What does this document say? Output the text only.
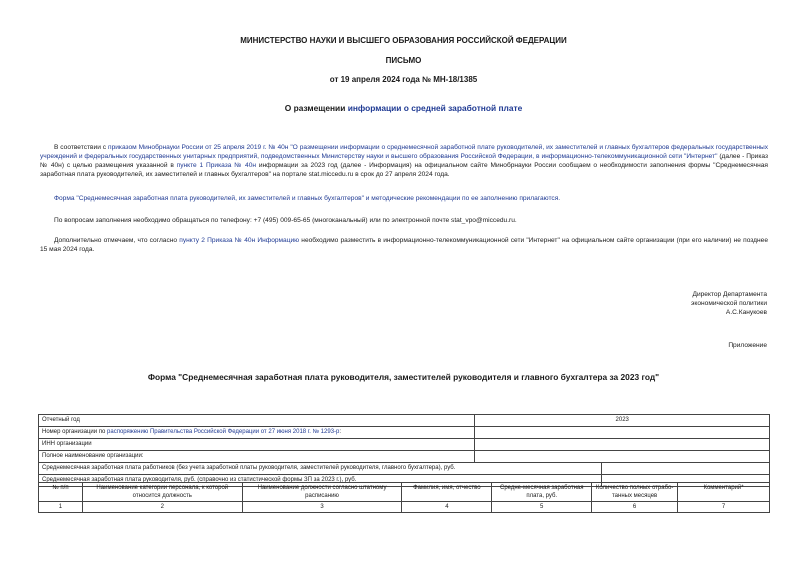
МИНИСТЕРСТВО НАУКИ И ВЫСШЕГО ОБРАЗОВАНИЯ РОССИЙСКОЙ ФЕДЕРАЦИИ
ПИСЬМО
от 19 апреля 2024 года № МН-18/1385
О размещении информации о средней заработной плате
В соответствии с приказом Минобрнауки России от 25 апреля 2019 г. № 40н "О размещении информации о среднемесячной заработной плате руководителей, их заместителей и главных бухгалтеров федеральных государственных учреждений и федеральных государственных унитарных предприятий, подведомственных Министерству науки и высшего образования Российской Федерации, в информационно-телекоммуникационной сети "Интернет" (далее - Приказ № 40н) с целью размещения указанной в пункте 1 Приказа № 40н информации за 2023 год (далее - Информация) на официальном сайте Минобрнауки России сообщаем о необходимости заполнения формы "Среднемесячная заработная плата руководителей, их заместителей и главных бухгалтеров" на портале stat.miccedu.ru в срок до 27 апреля 2024 года.
Форма "Среднемесячная заработная плата руководителей, их заместителей и главных бухгалтеров" и методические рекомендации по ее заполнению прилагаются.
По вопросам заполнения необходимо обращаться по телефону: +7 (495) 009-65-65 (многоканальный) или по электронной почте stat_vpo@miccedu.ru.
Дополнительно отмечаем, что согласно пункту 2 Приказа № 40н Информацию необходимо разместить в информационно-телекоммуникационной сети "Интернет" на официальном сайте организации (при его наличии) не позднее 15 мая 2024 года.
Директор Департамента
экономической политики
А.С.Канукоев
Приложение
Форма "Среднемесячная заработная плата руководителя, заместителей руководителя и главного бухгалтера за 2023 год"
Отчетный год	2023	
Номер организации по распоряжению Правительства Российской Федерации от 27 июня 2018 г. № 1293-р:		
ИНН организации		
Полное наименование организации:		
Среднемесячная заработная плата работников (без учета заработной платы руководителя, заместителей руководителя, главного бухгалтера), руб.		
Среднемесячная заработная плата руководителя, руб. (справочно из статистической формы ЗП за 2023 г.), руб.		
№ п/п	Наименование категории персонала, к которой относится должность	Наименование должности согласно штатному расписанию	Фамилия, имя, отчество	Средне-месячная заработная плата, руб.	Количество полных отрабо-танных месяцев	Комментарий*
1	2	3	4	5	6	7
